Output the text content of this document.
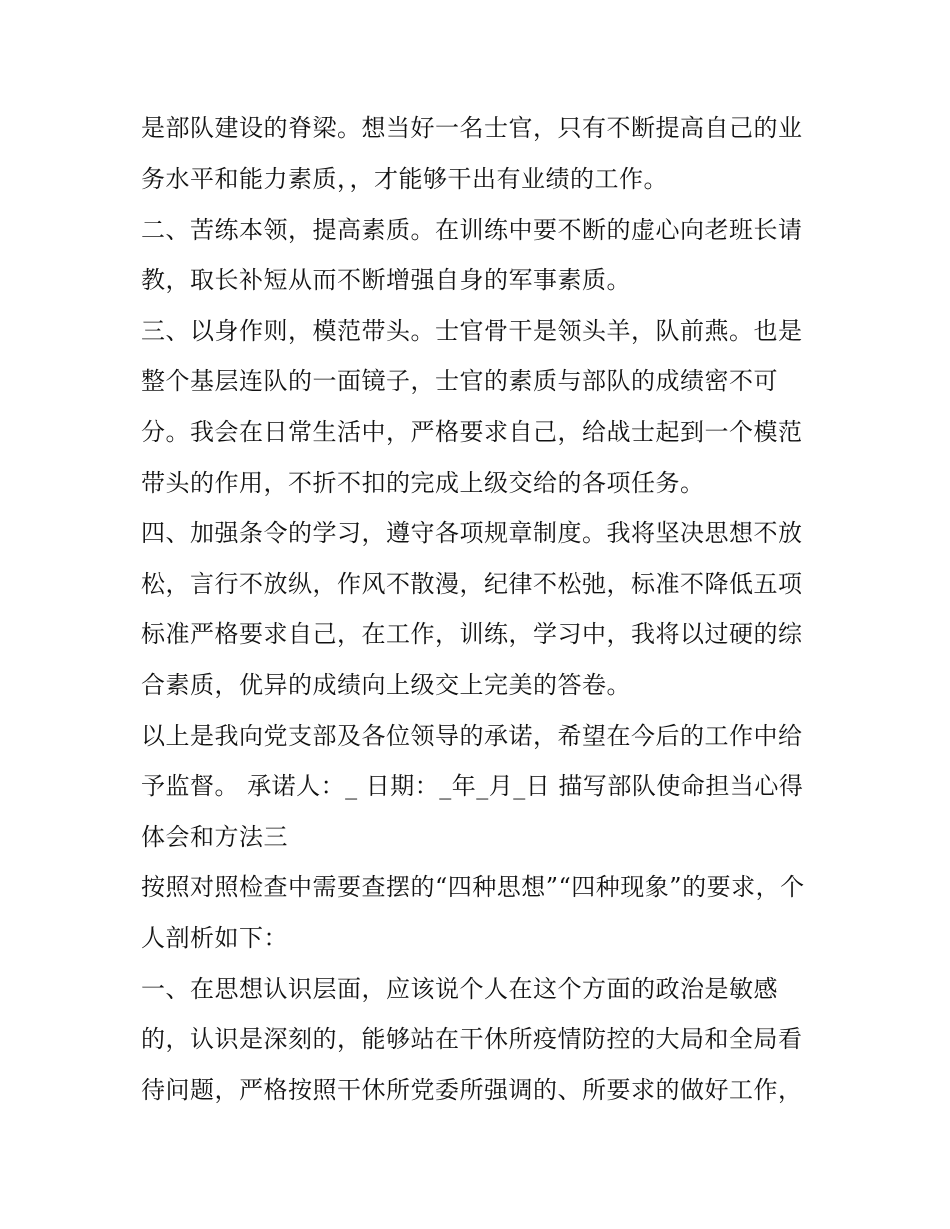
是部队建设的脊梁。想当好一名士官，只有不断提高自己的业
务水平和能力素质，，才能够干出有业绩的工作。
二、苦练本领，提高素质。在训练中要不断的虚心向老班长请
教，取长补短从而不断增强自身的军事素质。
三、以身作则，模范带头。士官骨干是领头羊，队前燕。也是
整个基层连队的一面镜子，士官的素质与部队的成绩密不可
分。我会在日常生活中，严格要求自己，给战士起到一个模范
带头的作用，不折不扣的完成上级交给的各项任务。
四、加强条令的学习，遵守各项规章制度。我将坚决思想不放
松，言行不放纵，作风不散漫，纪律不松弛，标准不降低五项
标准严格要求自己，在工作，训练，学习中，我将以过硬的综
合素质，优异的成绩向上级交上完美的答卷。
以上是我向党支部及各位领导的承诺，希望在今后的工作中给
予监督。 承诺人：_ 日期：_年_月_日 描写部队使命担当心得
体会和方法三
按照对照检查中需要查摆的“四种思想”“四种现象”的要求，个
人剖析如下：
一、在思想认识层面，应该说个人在这个方面的政治是敏感
的，认识是深刻的，能够站在干休所疫情防控的大局和全局看
待问题，严格按照干休所党委所强调的、所要求的做好工作，
